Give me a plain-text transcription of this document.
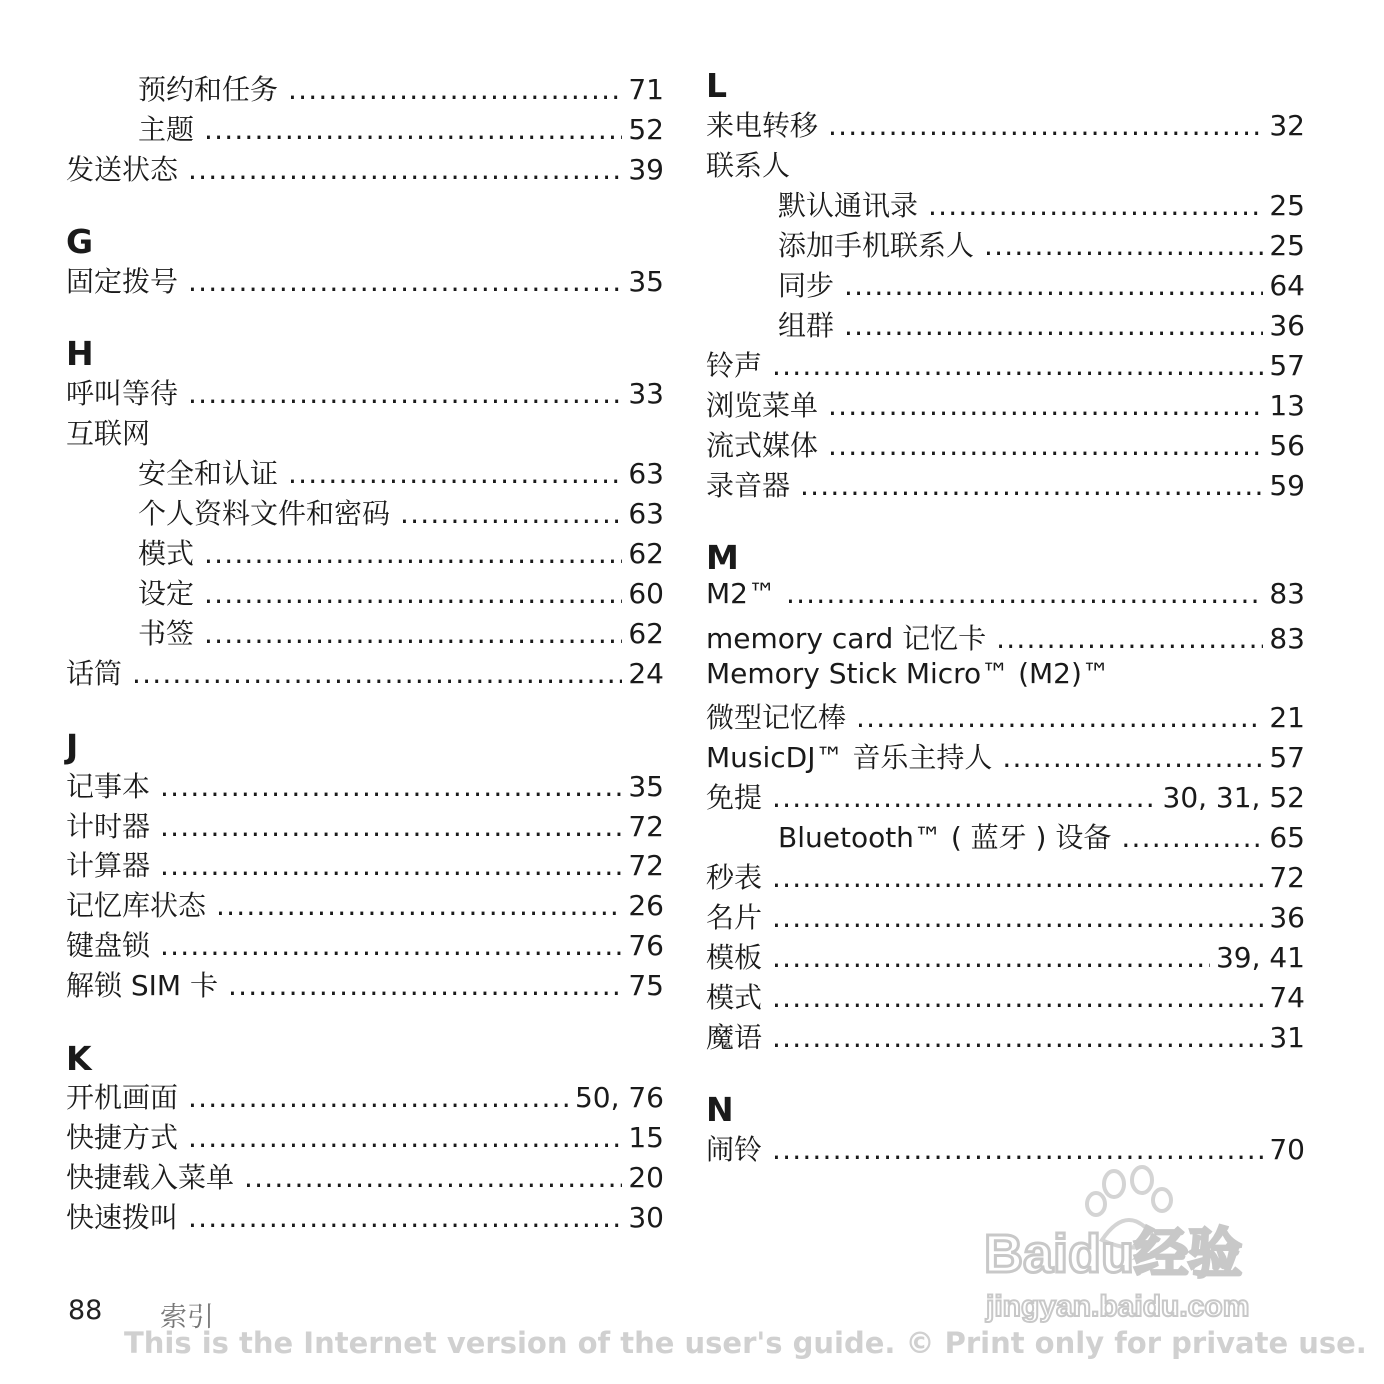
预约和任务 .....	71
主题 .....	52
发送状态 .....	39
G
固定拨号 .....	35
H
呼叫等待 .....	33
互联网
安全和认证 .....	63
个人资料文件和密码 .....	63
模式 .....	62
设定 .....	60
书签 .....	62
话筒 .....	24
J
记事本 .....	35
计时器 .....	72
计算器 .....	72
记忆库状态 .....	26
键盘锁 .....	76
解锁 SIM 卡 .....	75
K
开机画面 .....	50, 76
快捷方式 .....	15
快捷载入菜单 .....	20
快速拨叫 .....	30
L
来电转移 .....	32
联系人
默认通讯录 .....	25
添加手机联系人 .....	25
同步 .....	64
组群 .....	36
铃声 .....	57
浏览菜单 .....	13
流式媒体 .....	56
录音器 .....	59
M
M2™ .....	83
memory card 记忆卡 .....	83
Memory Stick Micro™ (M2)™
微型记忆棒 .....	21
MusicDJ™ 音乐主持人 .....	57
免提 .....	30, 31, 52
Bluetooth™ ( 蓝牙 ) 设备 .....	65
秒表 .....	72
名片 .....	36
模板 .....	39, 41
模式 .....	74
魔语 .....	31
N
闹铃 .....	70
88 索引
This is the Internet version of the user's guide. © Print only for private use.
Baidu经验
jingyan.baidu.com
